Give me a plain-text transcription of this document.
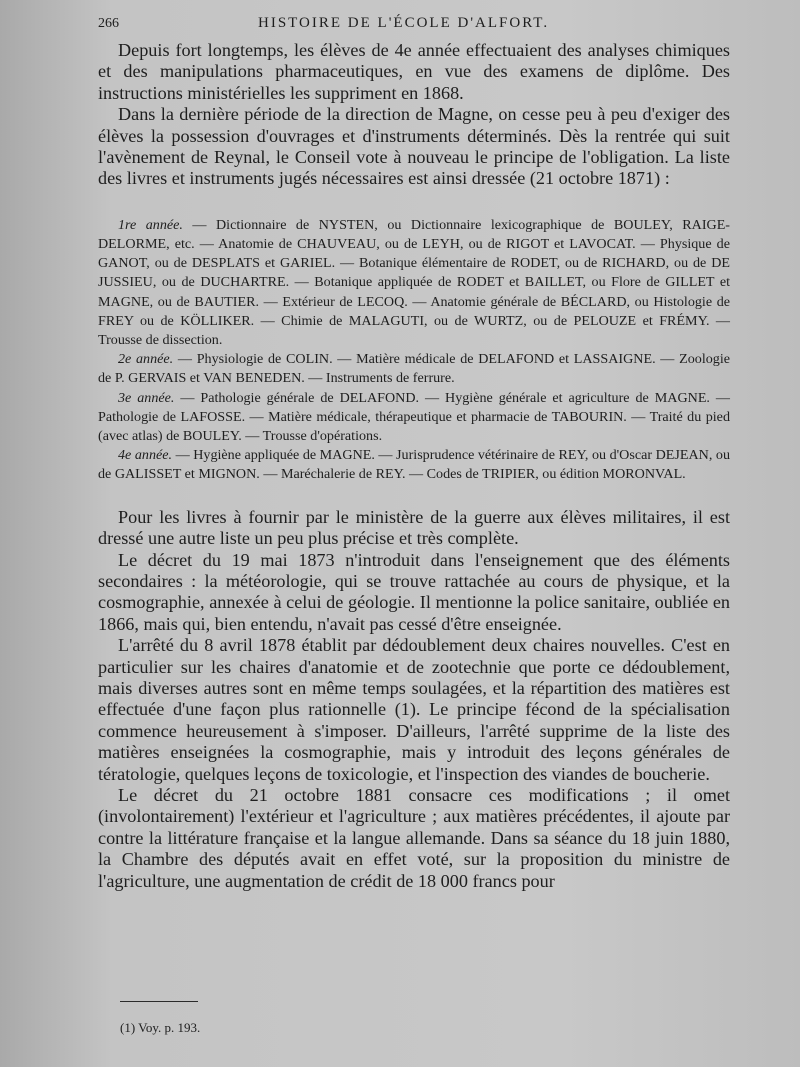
266	HISTOIRE DE L'ÉCOLE D'ALFORT.

Depuis fort longtemps, les élèves de 4e année effectuaient des analyses chimiques et des manipulations pharmaceutiques, en vue des examens de diplôme. Des instructions ministérielles les suppriment en 1868.

Dans la dernière période de la direction de Magne, on cesse peu à peu d'exiger des élèves la possession d'ouvrages et d'instruments déterminés. Dès la rentrée qui suit l'avènement de Reynal, le Conseil vote à nouveau le principe de l'obligation. La liste des livres et instruments jugés nécessaires est ainsi dressée (21 octobre 1871) :

1re année. — Dictionnaire de NYSTEN, ou Dictionnaire lexicographique de BOULEY, RAIGE-DELORME, etc. — Anatomie de CHAUVEAU, ou de LEYH, ou de RIGOT et LAVOCAT. — Physique de GANOT, ou de DESPLATS et GARIEL. — Botanique élémentaire de RODET, ou de RICHARD, ou de DE JUSSIEU, ou de DUCHARTRE. — Botanique appliquée de RODET et BAILLET, ou Flore de GILLET et MAGNE, ou de BAUTIER. — Extérieur de LECOQ. — Anatomie générale de BÉCLARD, ou Histologie de FREY ou de KÖLLIKER. — Chimie de MALAGUTI, ou de WURTZ, ou de PELOUZE et FRÉMY. — Trousse de dissection.

2e année. — Physiologie de COLIN. — Matière médicale de DELAFOND et LASSAIGNE. — Zoologie de P. GERVAIS et VAN BENEDEN. — Instruments de ferrure.

3e année. — Pathologie générale de DELAFOND. — Hygiène générale et agriculture de MAGNE. — Pathologie de LAFOSSE. — Matière médicale, thérapeutique et pharmacie de TABOURIN. — Traité du pied (avec atlas) de BOULEY. — Trousse d'opérations.

4e année. — Hygiène appliquée de MAGNE. — Jurisprudence vétérinaire de REY, ou d'Oscar DEJEAN, ou de GALISSET et MIGNON. — Maréchalerie de REY. — Codes de TRIPIER, ou édition MORONVAL.

Pour les livres à fournir par le ministère de la guerre aux élèves militaires, il est dressé une autre liste un peu plus précise et très complète.

Le décret du 19 mai 1873 n'introduit dans l'enseignement que des éléments secondaires : la météorologie, qui se trouve rattachée au cours de physique, et la cosmographie, annexée à celui de géologie. Il mentionne la police sanitaire, oubliée en 1866, mais qui, bien entendu, n'avait pas cessé d'être enseignée.

L'arrêté du 8 avril 1878 établit par dédoublement deux chaires nouvelles. C'est en particulier sur les chaires d'anatomie et de zootechnie que porte ce dédoublement, mais diverses autres sont en même temps soulagées, et la répartition des matières est effectuée d'une façon plus rationnelle (1). Le principe fécond de la spécialisation commence heureusement à s'imposer. D'ailleurs, l'arrêté supprime de la liste des matières enseignées la cosmographie, mais y introduit des leçons générales de tératologie, quelques leçons de toxicologie, et l'inspection des viandes de boucherie.

Le décret du 21 octobre 1881 consacre ces modifications ; il omet (involontairement) l'extérieur et l'agriculture ; aux matières précédentes, il ajoute par contre la littérature française et la langue allemande. Dans sa séance du 18 juin 1880, la Chambre des députés avait en effet voté, sur la proposition du ministre de l'agriculture, une augmentation de crédit de 18 000 francs pour

(1) Voy. p. 193.
